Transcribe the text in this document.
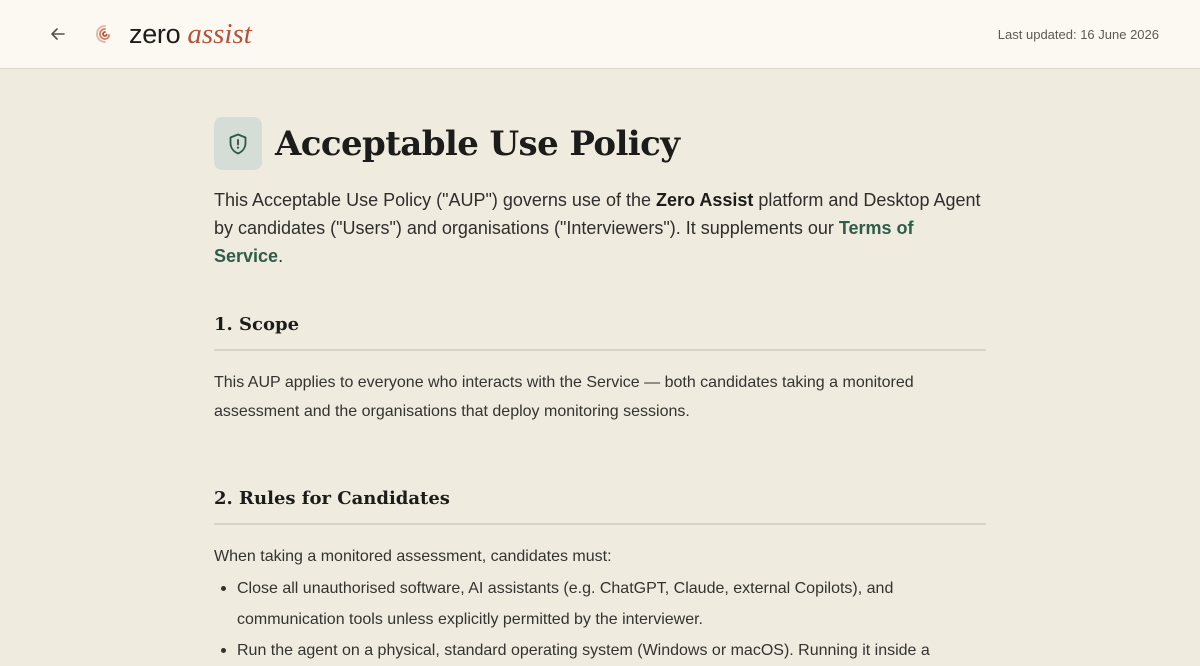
zero assist	Last updated: 16 June 2026
Acceptable Use Policy

This Acceptable Use Policy ("AUP") governs use of the Zero Assist platform and Desktop Agent by candidates ("Users") and organisations ("Interviewers"). It supplements our Terms of Service.

1. Scope

This AUP applies to everyone who interacts with the Service — both candidates taking a monitored assessment and the organisations that deploy monitoring sessions.

2. Rules for Candidates

When taking a monitored assessment, candidates must:

Close all unauthorised software, AI assistants (e.g. ChatGPT, Claude, external Copilots), and communication tools unless explicitly permitted by the interviewer.
Run the agent on a physical, standard operating system (Windows or macOS). Running it inside a
